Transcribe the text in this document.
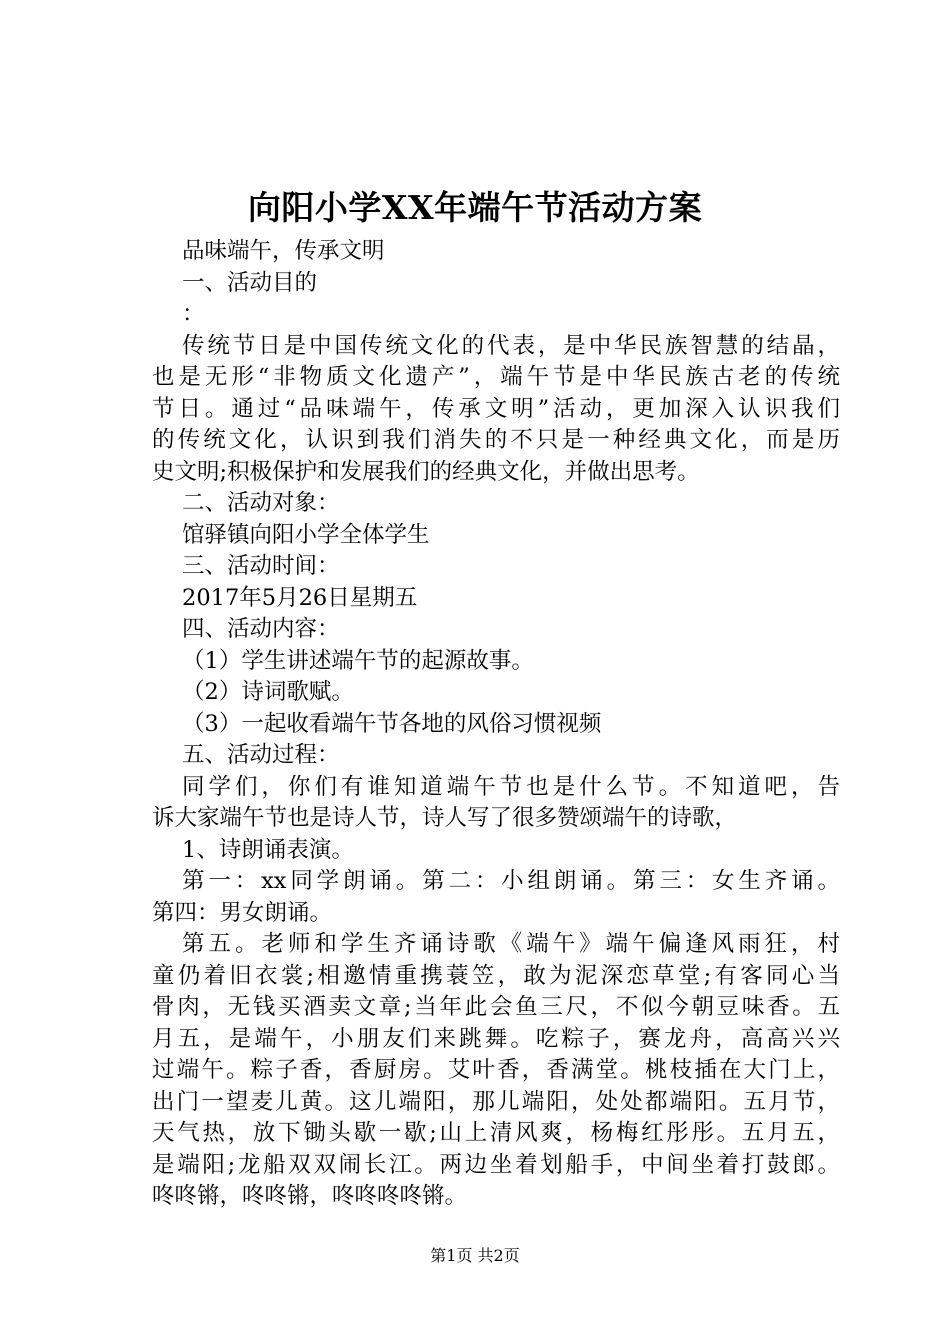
向阳小学XX年端午节活动方案
品味端午，传承文明
一、活动目的
：
传统节日是中国传统文化的代表，是中华民族智慧的结晶，
也是无形“非物质文化遗产”，端午节是中华民族古老的传统
节日。通过“品味端午，传承文明”活动，更加深入认识我们
的传统文化，认识到我们消失的不只是一种经典文化，而是历
史文明;积极保护和发展我们的经典文化，并做出思考。
二、活动对象：
馆驿镇向阳小学全体学生
三、活动时间：
2017年5月26日星期五
四、活动内容：
（1）学生讲述端午节的起源故事。
（2）诗词歌赋。
（3）一起收看端午节各地的风俗习惯视频
五、活动过程：
同学们，你们有谁知道端午节也是什么节。不知道吧，告
诉大家端午节也是诗人节，诗人写了很多赞颂端午的诗歌，
1、诗朗诵表演。
第一：xx同学朗诵。第二：小组朗诵。第三：女生齐诵。
第四：男女朗诵。
第五。老师和学生齐诵诗歌《端午》端午偏逢风雨狂，村
童仍着旧衣裳;相邀情重携蓑笠，敢为泥深恋草堂;有客同心当
骨肉，无钱买酒卖文章;当年此会鱼三尺，不似今朝豆味香。五
月五，是端午，小朋友们来跳舞。吃粽子，赛龙舟，高高兴兴
过端午。粽子香，香厨房。艾叶香，香满堂。桃枝插在大门上，
出门一望麦儿黄。这儿端阳，那儿端阳，处处都端阳。五月节，
天气热，放下锄头歇一歇;山上清风爽，杨梅红彤彤。五月五，
是端阳;龙船双双闹长江。两边坐着划船手，中间坐着打鼓郎。
咚咚锵，咚咚锵，咚咚咚咚锵。
第1页 共2页
